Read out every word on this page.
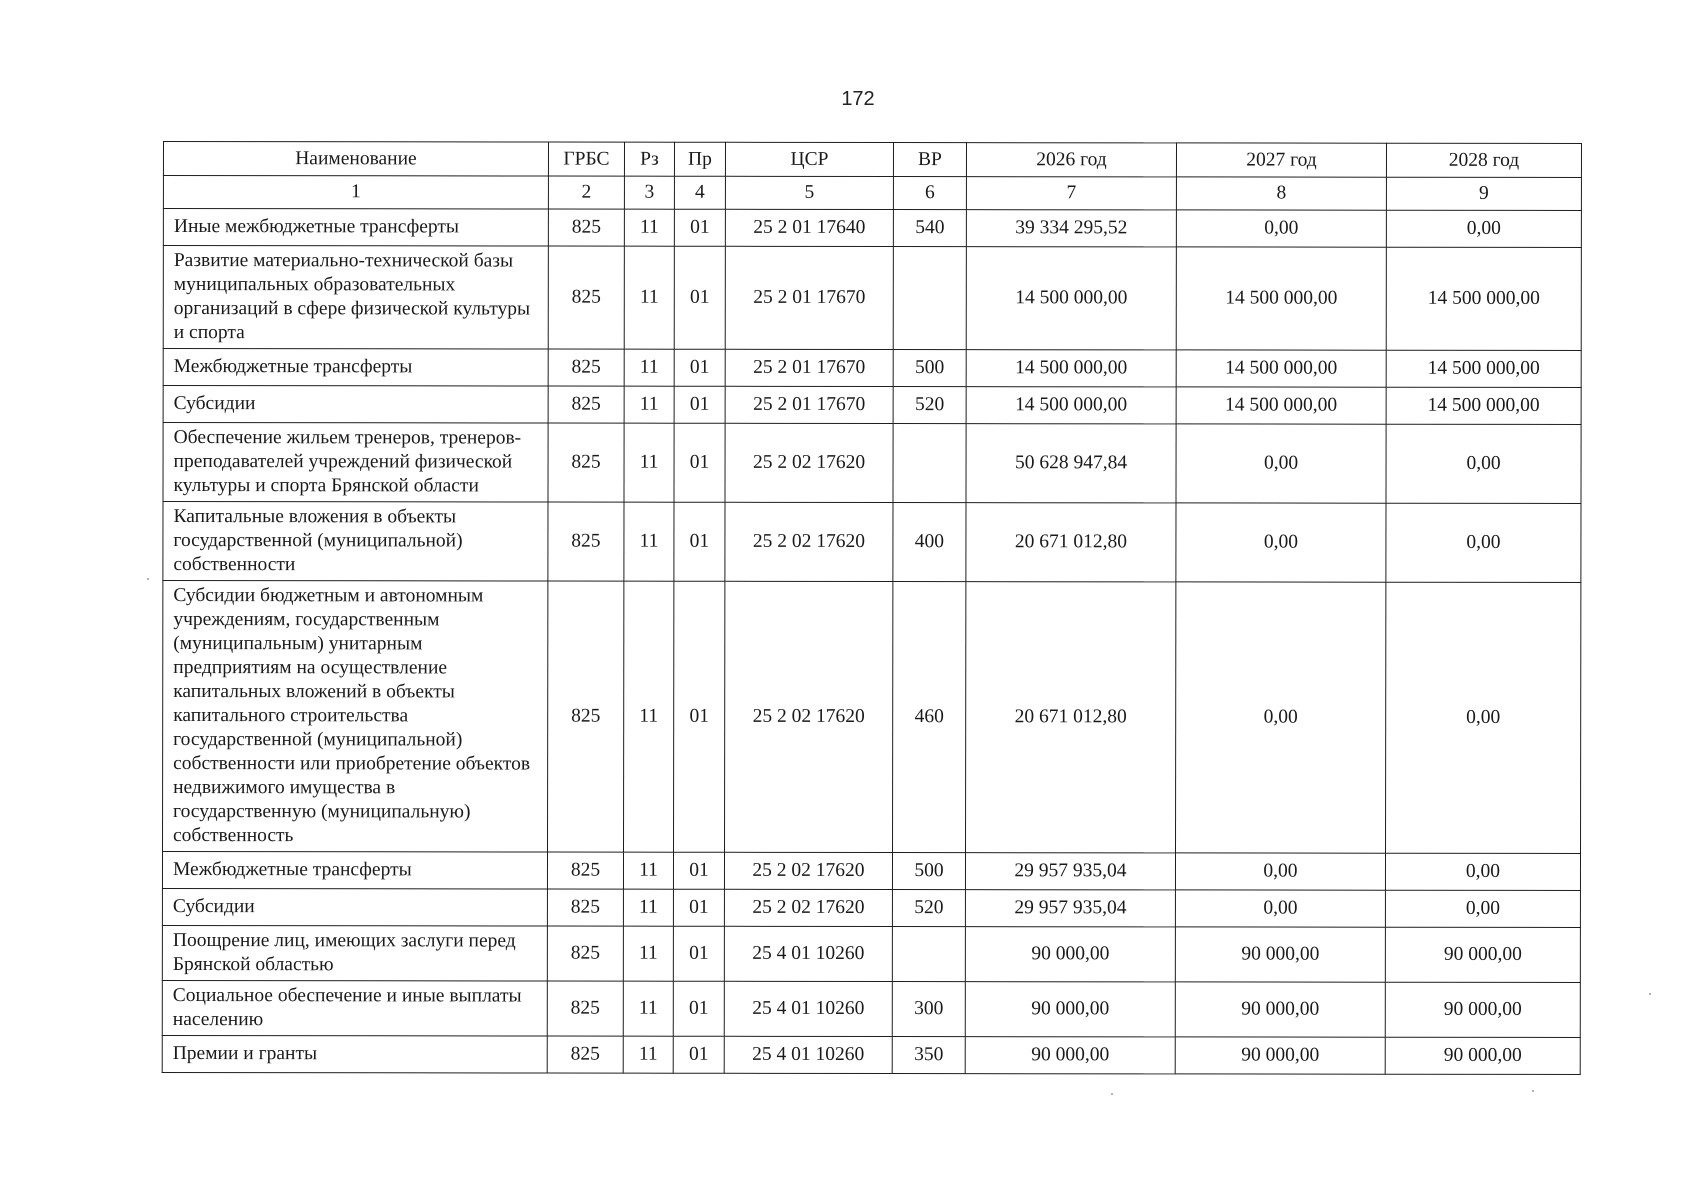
172
Наименование	ГРБС	Рз	Пр	ЦСР	ВР	2026 год	2027 год	2028 год
1	2	3	4	5	6	7	8	9
Иные межбюджетные трансферты	825	11	01	25 2 01 17640	540	39 334 295,52	0,00	0,00
Развитие материально-технической базы муниципальных образовательных организаций в сфере физической культуры и спорта	825	11	01	25 2 01 17670		14 500 000,00	14 500 000,00	14 500 000,00
Межбюджетные трансферты	825	11	01	25 2 01 17670	500	14 500 000,00	14 500 000,00	14 500 000,00
Субсидии	825	11	01	25 2 01 17670	520	14 500 000,00	14 500 000,00	14 500 000,00
Обеспечение жильем тренеров, тренеров-преподавателей учреждений физической культуры и спорта Брянской области	825	11	01	25 2 02 17620		50 628 947,84	0,00	0,00
Капитальные вложения в объекты государственной (муниципальной) собственности	825	11	01	25 2 02 17620	400	20 671 012,80	0,00	0,00
Субсидии бюджетным и автономным учреждениям, государственным (муниципальным) унитарным предприятиям на осуществление капитальных вложений в объекты капитального строительства государственной (муниципальной) собственности или приобретение объектов недвижимого имущества в государственную (муниципальную) собственность	825	11	01	25 2 02 17620	460	20 671 012,80	0,00	0,00
Межбюджетные трансферты	825	11	01	25 2 02 17620	500	29 957 935,04	0,00	0,00
Субсидии	825	11	01	25 2 02 17620	520	29 957 935,04	0,00	0,00
Поощрение лиц, имеющих заслуги перед Брянской областью	825	11	01	25 4 01 10260		90 000,00	90 000,00	90 000,00
Социальное обеспечение и иные выплаты населению	825	11	01	25 4 01 10260	300	90 000,00	90 000,00	90 000,00
Премии и гранты	825	11	01	25 4 01 10260	350	90 000,00	90 000,00	90 000,00
